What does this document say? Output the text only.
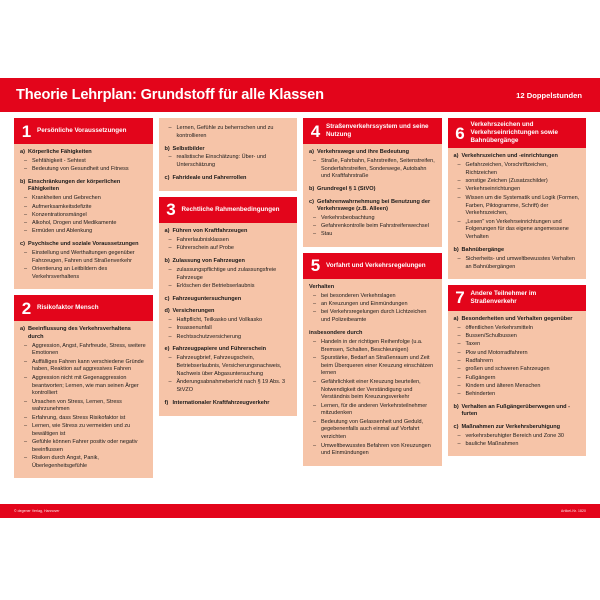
Theorie Lehrplan: Grundstoff für alle Klassen	12 Doppelstunden
1 Persönliche Voraussetzungen
a) Körperliche Fähigkeiten
– Sehfähigkeit - Sehtest
– Bedeutung von Gesundheit und Fitness
b) Einschränkungen der körperlichen Fähigkeiten
– Krankheiten und Gebrechen
– Aufmerksamkeitsdefizite
– Konzentrationsmängel
– Alkohol, Drogen und Medikamente
– Ermüden und Ablenkung
c) Psychische und soziale Voraussetzungen
– Einstellung und Werthaltungen gegenüber Fahrzeugen, Fahren und Straßenverkehr
– Orientierung an Leitbildern des Verkehrsverhaltens
2 Risikofaktor Mensch
a) Beeinflussung des Verkehrsverhaltens durch
– Aggression, Angst, Fahrfreude, Stress, weitere Emotionen
– Auffälliges Fahren kann verschiedene Gründe haben, Reaktion auf aggressives Fahren
– Aggression nicht mit Gegenaggression beantworten; Lernen, wie man seinen Ärger kontrolliert
– Ursachen von Stress, Lernen, Stress wahrzunehmen
– Erfahrung, dass Stress Risikofaktor ist
– Lernen, wie Stress zu vermeiden und zu bewältigen ist
– Gefühle können Fahrer positiv oder negativ beeinflussen
– Risiken durch Angst, Panik, Überlegenheitsgefühle
– Lernen, Gefühle zu beherrschen und zu kontrollieren
b) Selbstbilder
– realistische Einschätzung: Über- und Unterschätzung
c) Fahrideale und Fahrerrollen
3 Rechtliche Rahmenbedingungen
a) Führen von Kraftfahrzeugen
– Fahrerlaubnisklassen
– Führerschein auf Probe
b) Zulassung von Fahrzeugen
– zulassungspflichtige und zulassungsfreie Fahrzeuge
– Erlöschen der Betriebserlaubnis
c) Fahrzeuguntersuchungen
d) Versicherungen
– Haftpflicht, Teilkasko und Vollkasko
– Insassenunfall
– Rechtsschutzversicherung
e) Fahrzeugpapiere und Führerschein
– Fahrzeugbrief, Fahrzeugschein, Betriebserlaubnis, Versicherungsnachweis, Nachweis über Abgasuntersuchung
– Änderungsabnahmebericht nach § 19 Abs. 3 StVZO
f) Internationaler Kraftfahrzeugverkehr
4 Straßenverkehrssystem und seine Nutzung
a) Verkehrswege und ihre Bedeutung
– Straße, Fahrbahn, Fahrstreifen, Seitenstreifen, Sonderfahrstreifen, Sonderwege, Autobahn und Kraftfahrstraße
b) Grundregel § 1 (StVO)
c) Gefahrenwahrnehmung bei Benutzung der Verkehrswege (z.B. Alleen)
– Verkehrsbeobachtung
– Gefahrenkontrolle beim Fahrstreifenwechsel
– Stau
5 Vorfahrt und Verkehrsregelungen
Verhalten
– bei besonderen Verkehrslagen
– an Kreuzungen und Einmündungen
– bei Verkehrsregelungen durch Lichtzeichen und Polizeibeamte
insbesondere durch
– Handeln in der richtigen Reihenfolge (u.a. Bremsen, Schalten, Beschleunigen)
– Spurstärke, Bedarf an Straßenraum und Zeit beim Überqueren einer Kreuzung einschätzen lernen
– Gefährlichkeit einer Kreuzung beurteilen, Notwendigkeit der Verständigung und Verständnis beim Kreuzungsverkehr
– Lernen, für die anderen Verkehrsteilnehmer mitzudenken
– Bedeutung von Gelassenheit und Geduld, gegebenenfalls auch einmal auf Vorfahrt verzichten
– Umweltbewusstes Befahren von Kreuzungen und Einmündungen
6 Verkehrszeichen und Verkehrseinrichtungen sowie Bahnübergänge
a) Verkehrszeichen und -einrichtungen
– Gefahrzeichen, Vorschriftzeichen, Richtzeichen
– sonstige Zeichen (Zusatzschilder)
– Verkehrseinrichtungen
– Wissen um die Systematik und Logik (Formen, Farben, Piktogramme, Schrift) der Verkehrszeichen,
– „Lesen" von Verkehrseinrichtungen und Folgerungen für das eigene angemessene Verhalten
b) Bahnübergänge
– Sicherheits- und umweltbewusstes Verhalten an Bahnübergängen
7 Andere Teilnehmer im Straßenverkehr
a) Besonderheiten und Verhalten gegenüber
– öffentlichen Verkehrsmitteln
– Bussen/Schulbussen
– Taxen
– Pkw und Motorradfahrern
– Radfahrern
– großen und schweren Fahrzeugen
– Fußgängern
– Kindern und älteren Menschen
– Behinderten
b) Verhalten an Fußgängerüberwegen und -furten
c) Maßnahmen zur Verkehrsberuhigung
– verkehrsberuhigter Bereich und Zone 30
– bauliche Maßnahmen
© degener Verlag, Hannover	Artikel-Nr. 1820
